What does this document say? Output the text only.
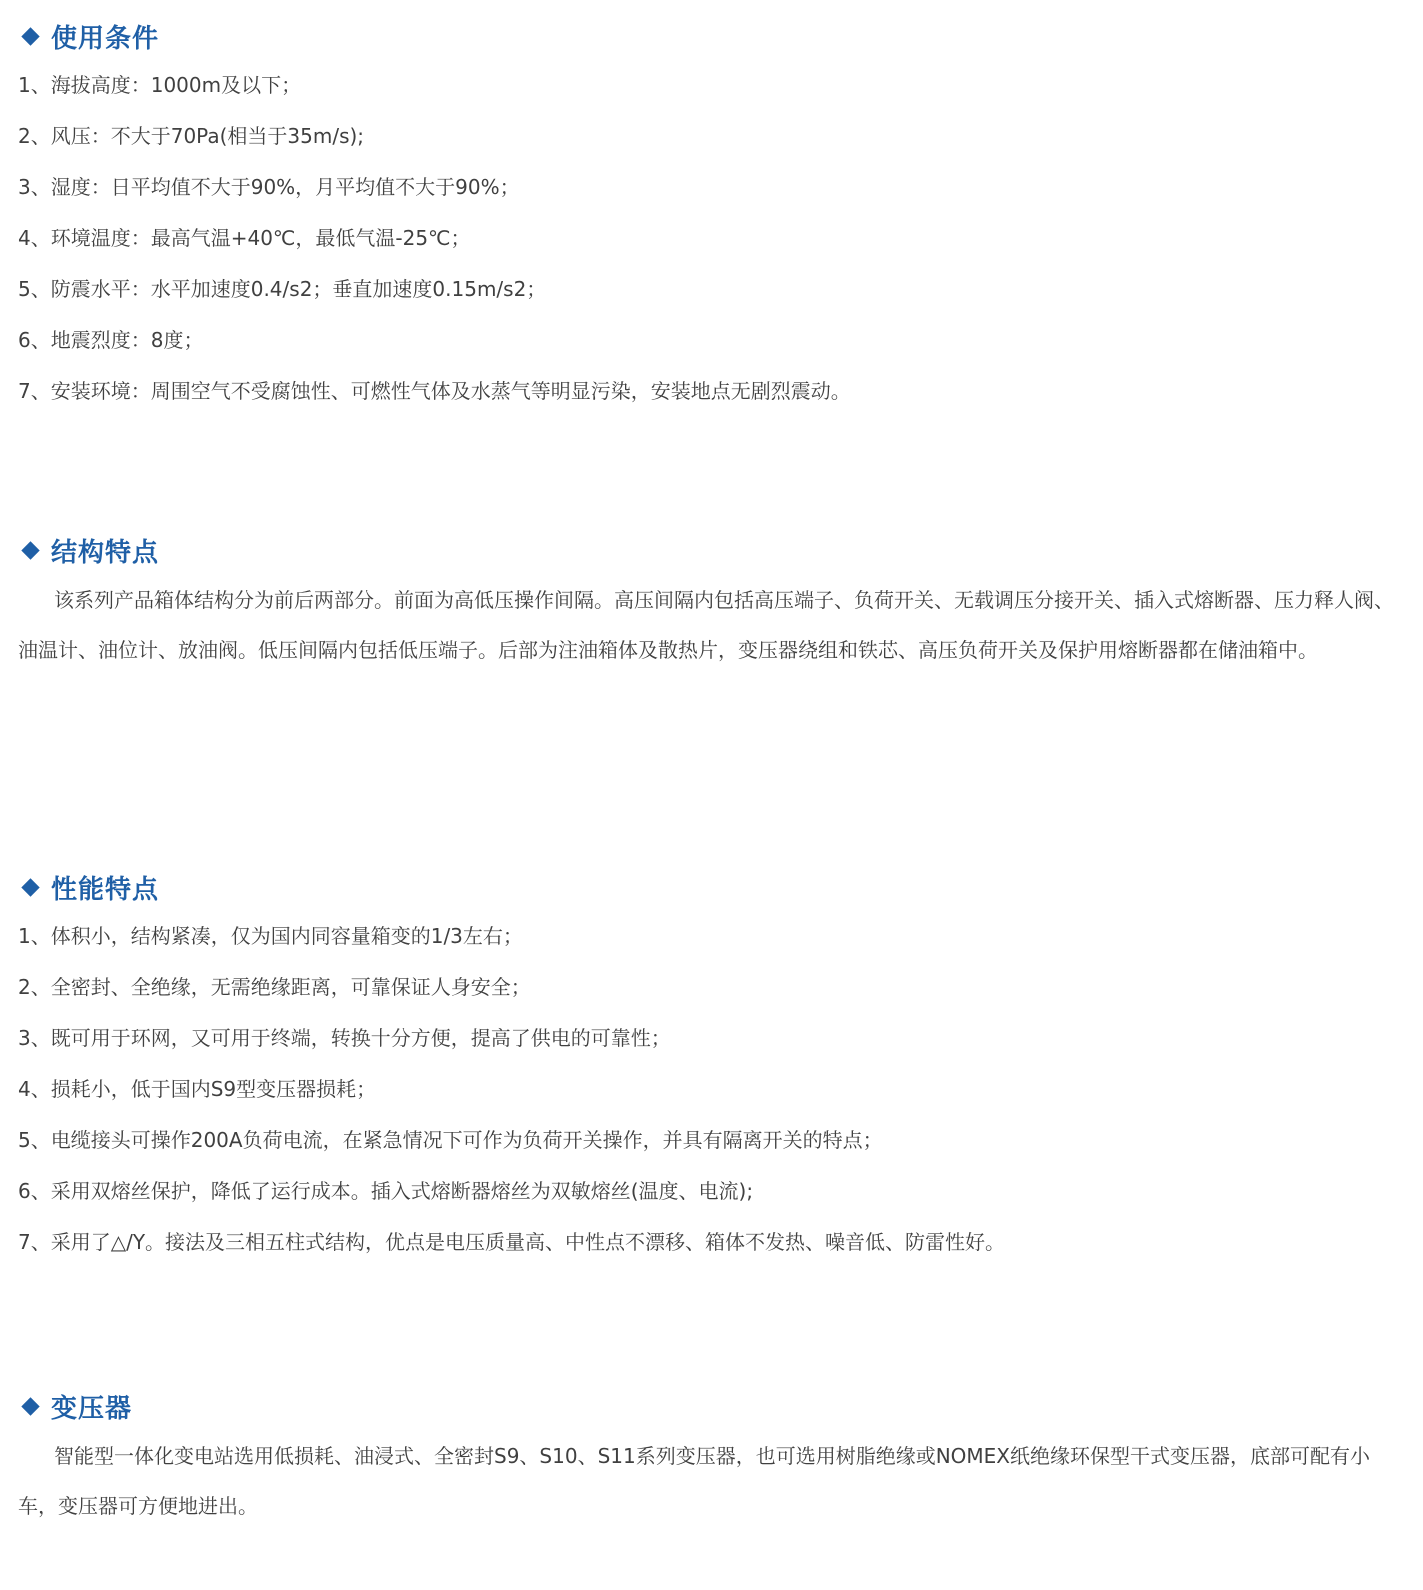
使用条件
1、海拔高度：1000m及以下；
2、风压：不大于70Pa(相当于35m/s);
3、湿度：日平均值不大于90%，月平均值不大于90%；
4、环境温度：最高气温+40℃，最低气温-25℃；
5、防震水平：水平加速度0.4/s2；垂直加速度0.15m/s2；
6、地震烈度：8度；
7、安装环境：周围空气不受腐蚀性、可燃性气体及水蒸气等明显污染，安装地点无剧烈震动。
结构特点

该系列产品箱体结构分为前后两部分。前面为高低压操作间隔。高压间隔内包括高压端子、负荷开关、无载调压分接开关、插入式熔断器、压力释人阀、油温计、油位计、放油阀。低压间隔内包括低压端子。后部为注油箱体及散热片，变压器绕组和铁芯、高压负荷开关及保护用熔断器都在储油箱中。

性能特点
1、体积小，结构紧凑，仅为国内同容量箱变的1/3左右；
2、全密封、全绝缘，无需绝缘距离，可靠保证人身安全；
3、既可用于环网，又可用于终端，转换十分方便，提高了供电的可靠性；
4、损耗小，低于国内S9型变压器损耗；
5、电缆接头可操作200A负荷电流，在紧急情况下可作为负荷开关操作，并具有隔离开关的特点；
6、采用双熔丝保护，降低了运行成本。插入式熔断器熔丝为双敏熔丝(温度、电流);
7、采用了△/Y。接法及三相五柱式结构，优点是电压质量高、中性点不漂移、箱体不发热、噪音低、防雷性好。
变压器

智能型一体化变电站选用低损耗、油浸式、全密封S9、S10、S11系列变压器，也可选用树脂绝缘或NOMEX纸绝缘环保型干式变压器，底部可配有小车，变压器可方便地进出。
